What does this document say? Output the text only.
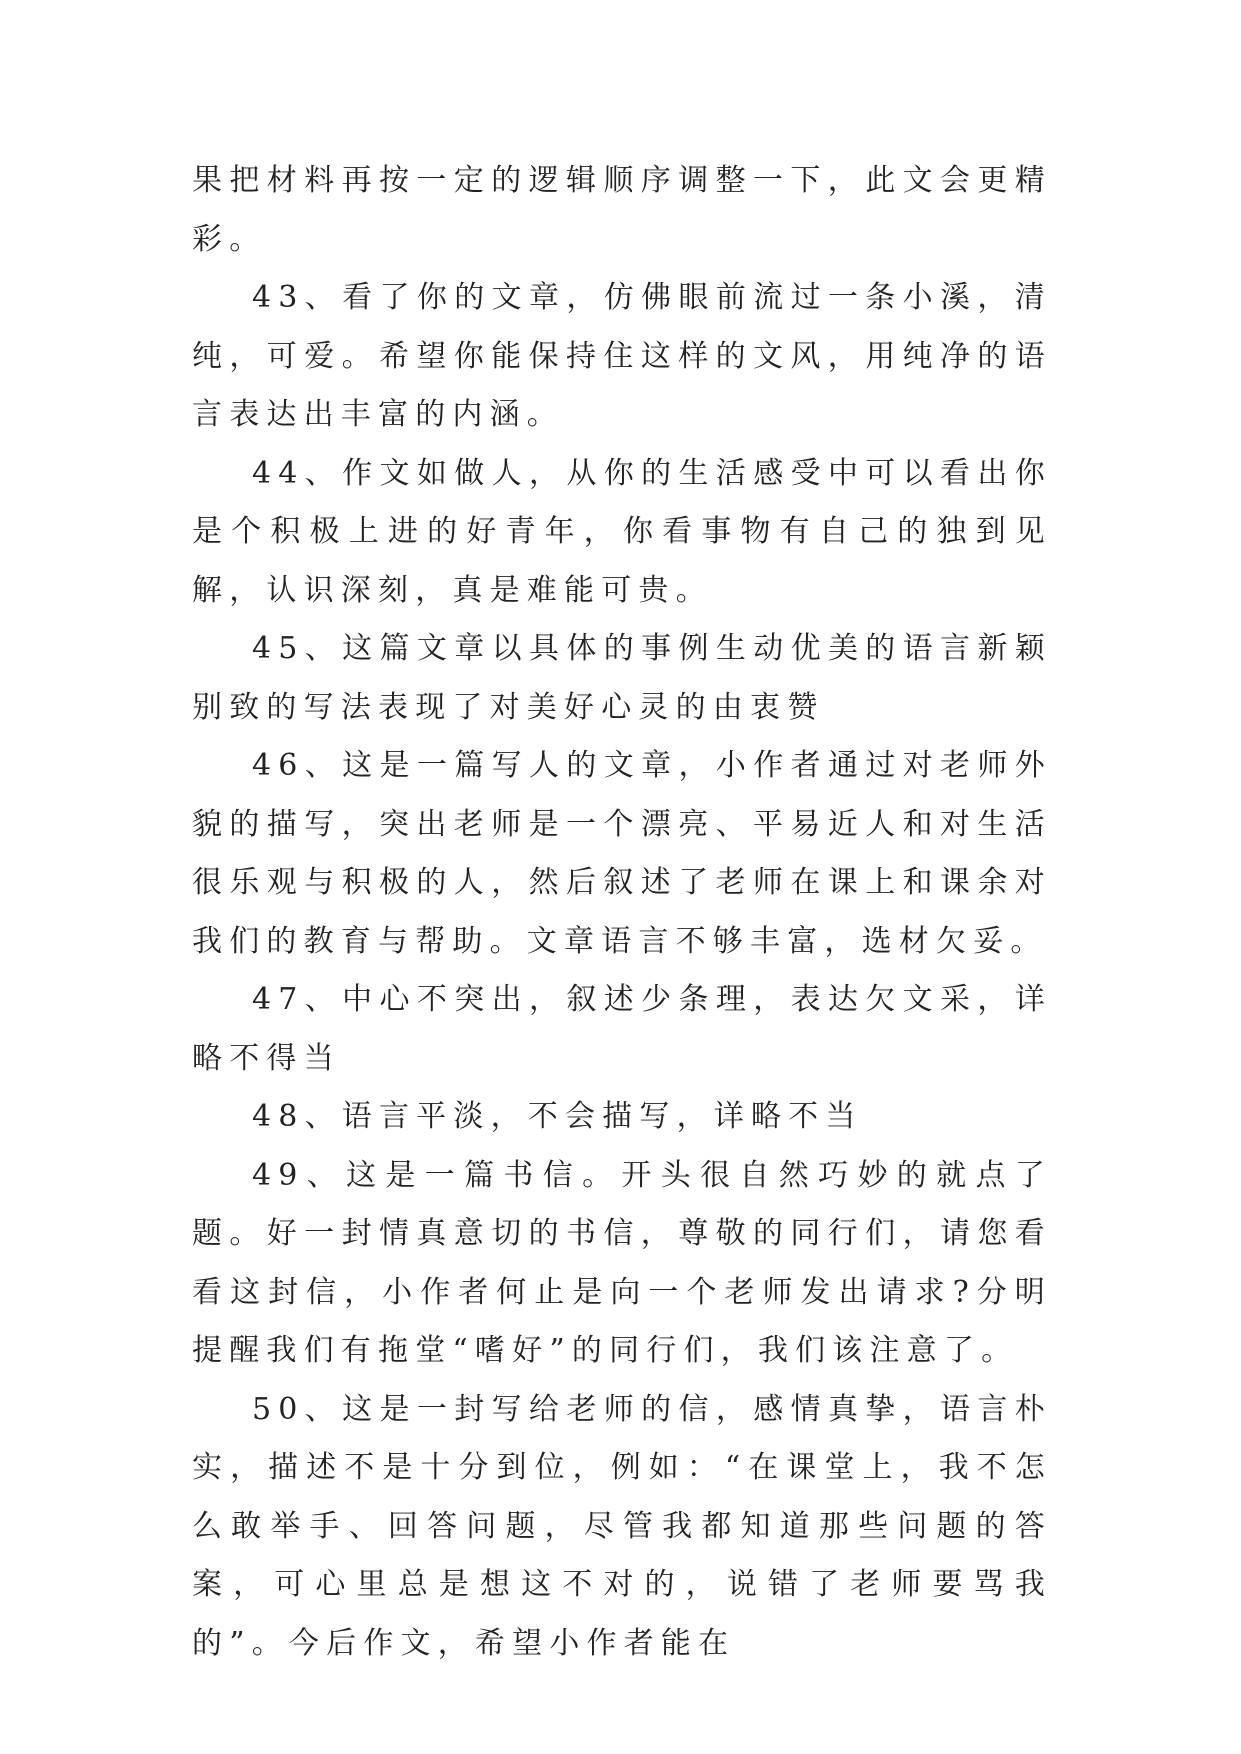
果把材料再按一定的逻辑顺序调整一下，此文会更精彩。

43、看了你的文章，仿佛眼前流过一条小溪，清纯，可爱。希望你能保持住这样的文风，用纯净的语言表达出丰富的内涵。

44、作文如做人，从你的生活感受中可以看出你是个积极上进的好青年，你看事物有自己的独到见解，认识深刻，真是难能可贵。

45、这篇文章以具体的事例生动优美的语言新颖别致的写法表现了对美好心灵的由衷赞

46、这是一篇写人的文章，小作者通过对老师外貌的描写，突出老师是一个漂亮、平易近人和对生活很乐观与积极的人，然后叙述了老师在课上和课余对我们的教育与帮助。文章语言不够丰富，选材欠妥。

47、中心不突出，叙述少条理，表达欠文采，详略不得当

48、语言平淡，不会描写，详略不当

49、这是一篇书信。开头很自然巧妙的就点了题。好一封情真意切的书信，尊敬的同行们，请您看看这封信，小作者何止是向一个老师发出请求?分明提醒我们有拖堂“嗜好”的同行们，我们该注意了。

50、这是一封写给老师的信，感情真挚，语言朴实，描述不是十分到位，例如：“在课堂上，我不怎么敢举手、回答问题，尽管我都知道那些问题的答案，可心里总是想这不对的，说错了老师要骂我的”。今后作文，希望小作者能在
